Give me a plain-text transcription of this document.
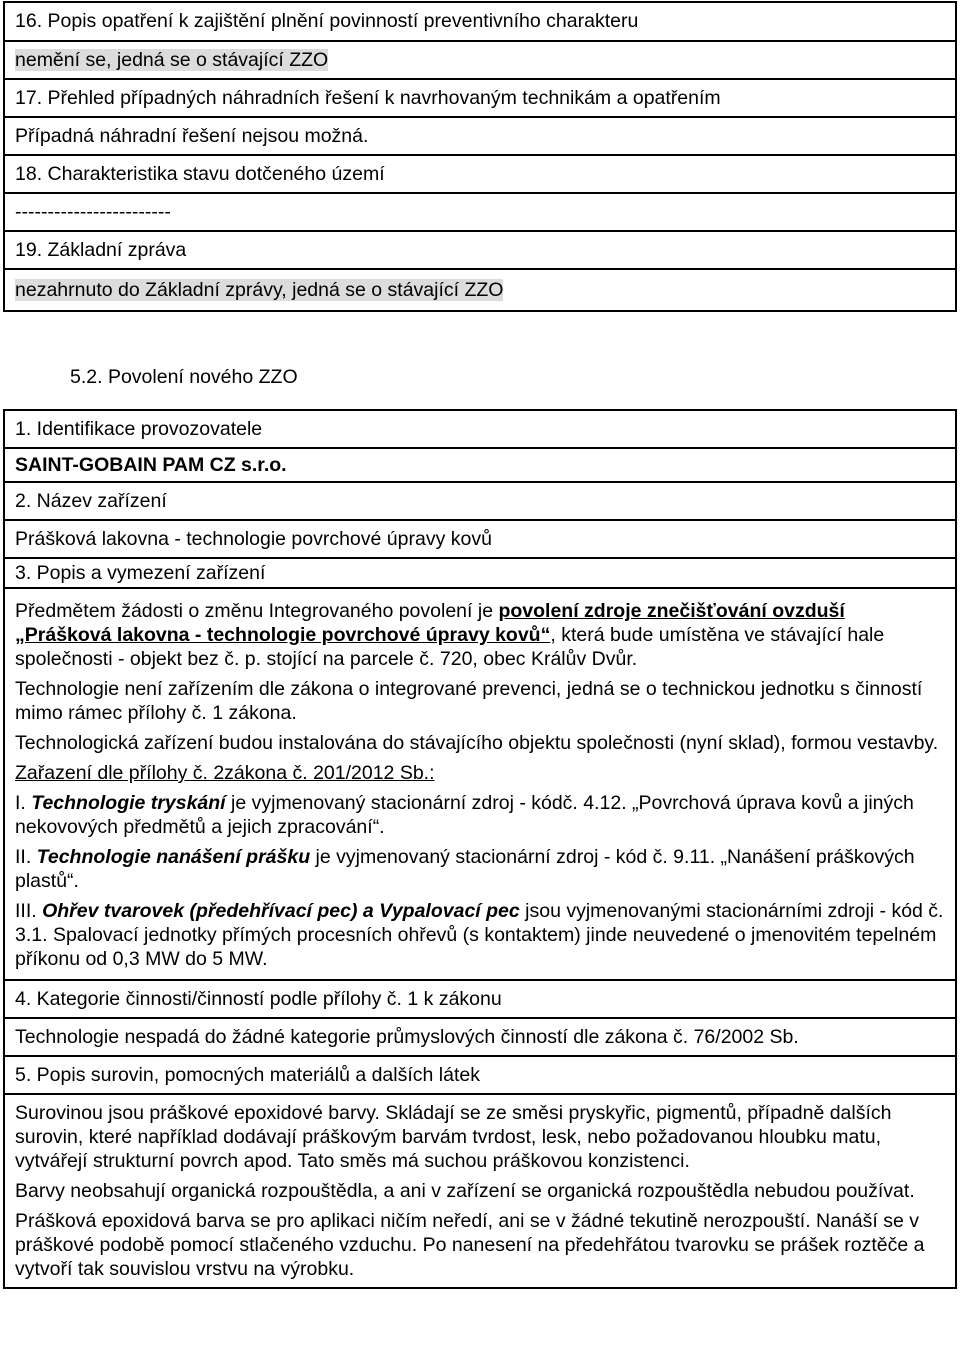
16. Popis opatření k zajištění plnění povinností preventivního charakteru
nemění se, jedná se o stávající ZZO
17. Přehled případných náhradních řešení k navrhovaným technikám a opatřením
Případná náhradní řešení nejsou možná.
18. Charakteristika stavu dotčeného území
------------------------
19. Základní zpráva
nezahrnuto do Základní zprávy, jedná se o stávající ZZO
5.2. Povolení nového ZZO
1. Identifikace provozovatele
SAINT-GOBAIN PAM CZ s.r.o.
2. Název zařízení
Prášková lakovna - technologie povrchové úpravy kovů
3. Popis a vymezení zařízení

Předmětem žádosti o změnu Integrovaného povolení je povolení zdroje znečišťování ovzduší „Prášková lakovna - technologie povrchové úpravy kovů“, která bude umístěna ve stávající hale společnosti - objekt bez č. p. stojící na parcele č. 720, obec Králův Dvůr.

Technologie není zařízením dle zákona o integrované prevenci, jedná se o technickou jednotku s činností mimo rámec přílohy č. 1 zákona.

Technologická zařízení budou instalována do stávajícího objektu společnosti (nyní sklad), formou vestavby.

Zařazení dle přílohy č. 2zákona č. 201/2012 Sb.:

I. Technologie tryskání je vyjmenovaný stacionární zdroj - kódč. 4.12. „Povrchová úprava kovů a jiných nekovových předmětů a jejich zpracování“.

II. Technologie nanášení prášku je vyjmenovaný stacionární zdroj - kód č. 9.11. „Nanášení práškových plastů“.

III. Ohřev tvarovek (předehřívací pec) a Vypalovací pec jsou vyjmenovanými stacionárními zdroji - kód č. 3.1. Spalovací jednotky přímých procesních ohřevů (s kontaktem) jinde neuvedené o jmenovitém tepelném příkonu od 0,3 MW do 5 MW.

4. Kategorie činnosti/činností podle přílohy č. 1 k zákonu
Technologie nespadá do žádné kategorie průmyslových činností dle zákona č. 76/2002 Sb.
5. Popis surovin, pomocných materiálů a dalších látek

Surovinou jsou práškové epoxidové barvy. Skládají se ze směsi pryskyřic, pigmentů, případně dalších surovin, které například dodávají práškovým barvám tvrdost, lesk, nebo požadovanou hloubku matu, vytvářejí strukturní povrch apod. Tato směs má suchou práškovou konzistenci.

Barvy neobsahují organická rozpouštědla, a ani v zařízení se organická rozpouštědla nebudou používat.

Prášková epoxidová barva se pro aplikaci ničím neředí, ani se v žádné tekutině nerozpouští. Nanáší se v práškové podobě pomocí stlačeného vzduchu. Po nanesení na předehřátou tvarovku se prášek roztěče a vytvoří tak souvislou vrstvu na výrobku.
